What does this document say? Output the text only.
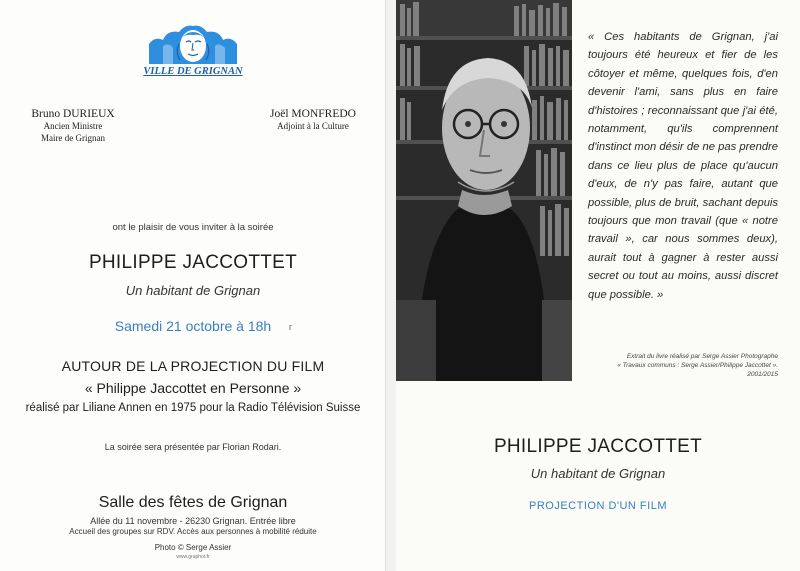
VILLE DE GRIGNAN
Bruno DURIEUX
Ancien Ministre
Maire de Grignan
Joël MONFREDO
Adjoint à la Culture
ont le plaisir de vous inviter à la soirée
PHILIPPE JACCOTTET
Un habitant de Grignan
Samedi 21 octobre à 18h	r
AUTOUR DE LA PROJECTION DU FILM
« Philippe Jaccottet en Personne »
réalisé par Liliane Annen en 1975 pour la Radio Télévision Suisse
La soirée sera présentée par Florian Rodari.
Salle des fêtes de Grignan
Allée du 11 novembre - 26230 Grignan. Entrée libre
Accueil des groupes sur RDV. Accès aux personnes à mobilité réduite
Photo © Serge Assier
www.graphot.fr
« Ces habitants de Grignan, j'ai toujours été heureux et fier de les côtoyer et même, quelques fois, d'en devenir l'ami, sans plus en faire d'histoires ; reconnaissant que j'ai été, notamment, qu'ils comprennent d'instinct mon désir de ne pas prendre dans ce lieu plus de place qu'aucun d'eux, de n'y pas faire, autant que possible, plus de bruit, sachant depuis toujours que mon travail (que « notre travail », car nous sommes deux), aurait tout à gagner à rester aussi secret ou tout au moins, aussi discret que possible. »
Extrait du livre réalisé par Serge Assier Photographe
« Travaux communs : Serge Assier/Philippe Jaccottet ».
2001/2015
PHILIPPE JACCOTTET
Un habitant de Grignan
PROJECTION D'UN FILM
